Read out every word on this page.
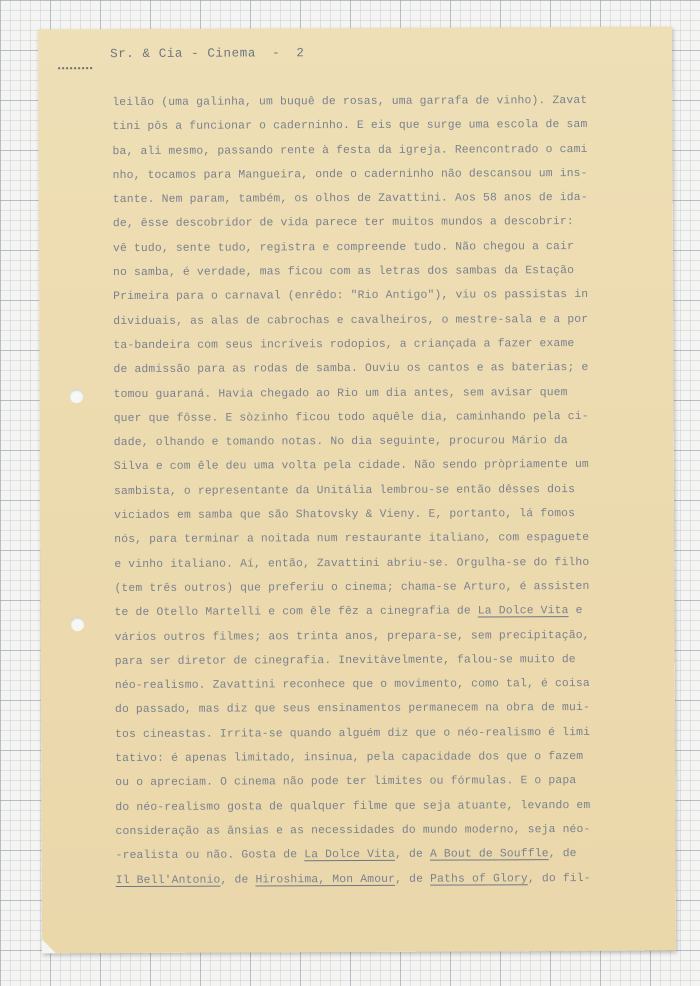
Sr. & Cia - Cinema  -  2
leilão (uma galinha, um buquê de rosas, uma garrafa de vinho). Zavat
tini pôs a funcionar o caderninho. E eis que surge uma escola de sam
ba, ali mesmo, passando rente à festa da igreja. Reencontrado o cami
nho, tocamos para Mangueira, onde o caderninho não descansou um ins-
tante. Nem param, também, os olhos de Zavattini. Aos 58 anos de ida-
de, êsse descobridor de vida parece ter muitos mundos a descobrir:
vê tudo, sente tudo, registra e compreende tudo. Não chegou a cair
no samba, é verdade, mas ficou com as letras dos sambas da Estação
Primeira para o carnaval (enrêdo: "Rio Antigo"), viu os passistas in
dividuais, as alas de cabrochas e cavalheiros, o mestre-sala e a por
ta-bandeira com seus incríveis rodopios, a criançada a fazer exame
de admissão para as rodas de samba. Ouviu os cantos e as baterias; e
tomou guaraná. Havia chegado ao Rio um dia antes, sem avisar quem
quer que fôsse. E sòzinho ficou todo aquêle dia, caminhando pela ci-
dade, olhando e tomando notas. No dia seguinte, procurou Mário da
Silva e com êle deu uma volta pela cidade. Não sendo pròpriamente um
sambista, o representante da Unitália lembrou-se então dêsses dois
viciados em samba que são Shatovsky & Vieny. E, portanto, lá fomos
nós, para terminar a noitada num restaurante italiano, com espaguete
e vinho italiano. Aí, então, Zavattini abriu-se. Orgulha-se do filho
(tem três outros) que preferiu o cinema; chama-se Arturo, é assisten
te de Otello Martelli e com êle fêz a cinegrafia de La Dolce Vita e
vários outros filmes; aos trinta anos, prepara-se, sem precipitação,
para ser diretor de cinegrafia. Inevitàvelmente, falou-se muito de
néo-realismo. Zavattini reconhece que o movimento, como tal, é coisa
do passado, mas diz que seus ensinamentos permanecem na obra de mui-
tos cineastas. Irrita-se quando alguém diz que o néo-realismo é limi
tativo: é apenas limitado, insinua, pela capacidade dos que o fazem
ou o apreciam. O cinema não pode ter limites ou fórmulas. E o papa
do néo-realismo gosta de qualquer filme que seja atuante, levando em
consideração as ânsias e as necessidades do mundo moderno, seja néo-
-realista ou não. Gosta de La Dolce Vita, de A Bout de Souffle, de
Il Bell'Antonio, de Hiroshima, Mon Amour, de Paths of Glory, do fil-
